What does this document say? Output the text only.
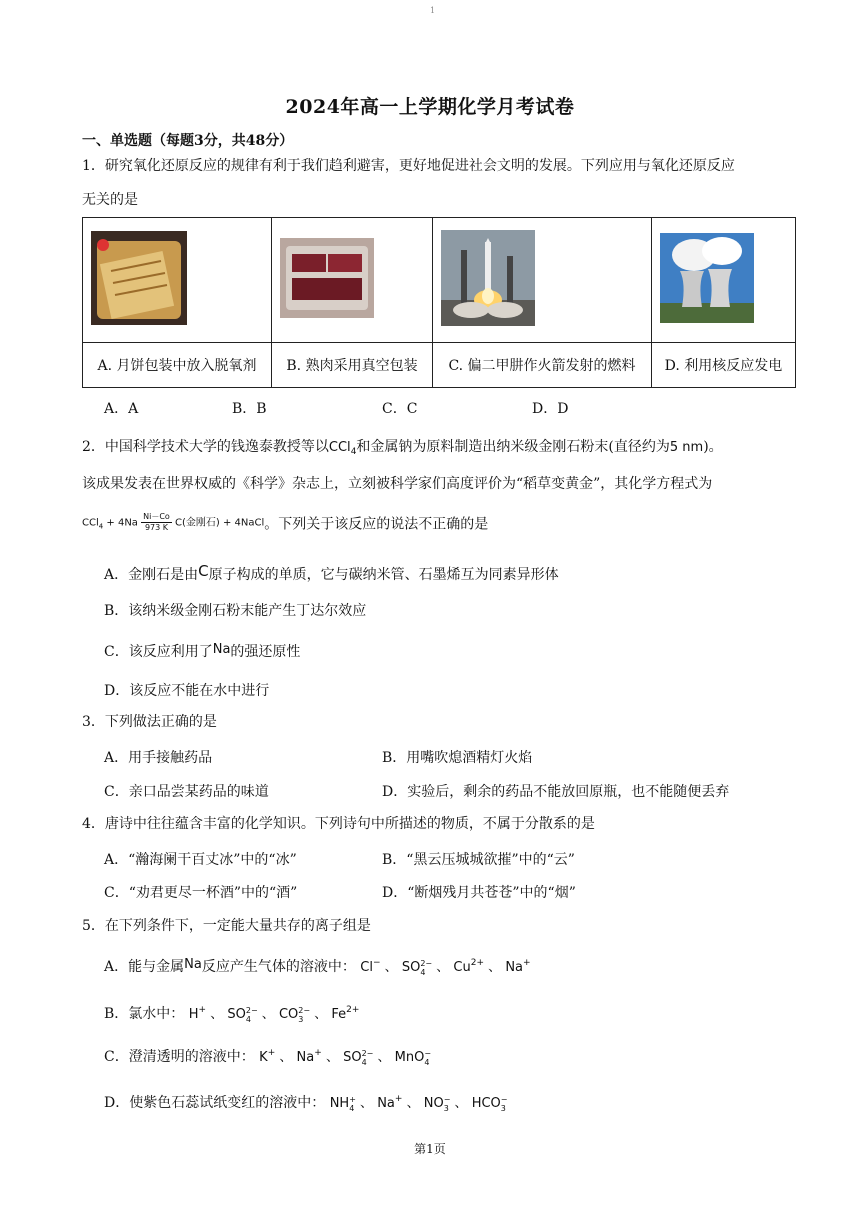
1
2024年高一上学期化学月考试卷
一、单选题（每题3分，共48分）
1．研究氧化还原反应的规律有利于我们趋利避害，更好地促进社会文明的发展。下列应用与氧化还原反应
无关的是

A. 月饼包装中放入脱氧剂	B. 熟肉采用真空包装	C. 偏二甲肼作火箭发射的燃料	D. 利用核反应发电
A．A	B．B	C．C	D．D
2．中国科学技术大学的钱逸泰教授等以CCl$_4$和金属钠为原料制造出纳米级金刚石粉末(直径约为5 nm)。
该成果发表在世界权威的《科学》杂志上，立刻被科学家们高度评价为“稻草变黄金”，其化学方程式为
$CCl_4 + 4Na \frac{Ni-Co}{973 K} C$(金刚石) + 4NaCl。下列关于该反应的说法不正确的是
A．金刚石是由C原子构成的单质，它与碳纳米管、石墨烯互为同素异形体
B．该纳米级金刚石粉末能产生丁达尔效应
C．该反应利用了Na的强还原性
D．该反应不能在水中进行
3．下列做法正确的是
A．用手接触药品	B．用嘴吹熄酒精灯火焰
C．亲口品尝某药品的味道	D．实验后，剩余的药品不能放回原瓶，也不能随便丢弃
4．唐诗中往往蕴含丰富的化学知识。下列诗句中所描述的物质，不属于分散系的是
A．“瀚海阑干百丈冰”中的“冰”	B．“黑云压城城欲摧”中的“云”
C．“劝君更尽一杯酒”中的“酒”	D．“断烟残月共苍苍”中的“烟”
5．在下列条件下，一定能大量共存的离子组是
A．能与金属Na反应产生气体的溶液中： Cl− 、 SO 2−
4 、 $Cu^{2+}$ 、 Na+
B．氯水中： H+ 、 SO 2−
4 、 CO 2−
3 、 $Fe^{2+}$
C．澄清透明的溶液中： K+ 、 Na+ 、 SO 2−
4 、 MnO −
4
D．使紫色石蕊试纸变红的溶液中： NH +
4 、 Na+ 、 NO −
3 、 HCO −
3
第1页
